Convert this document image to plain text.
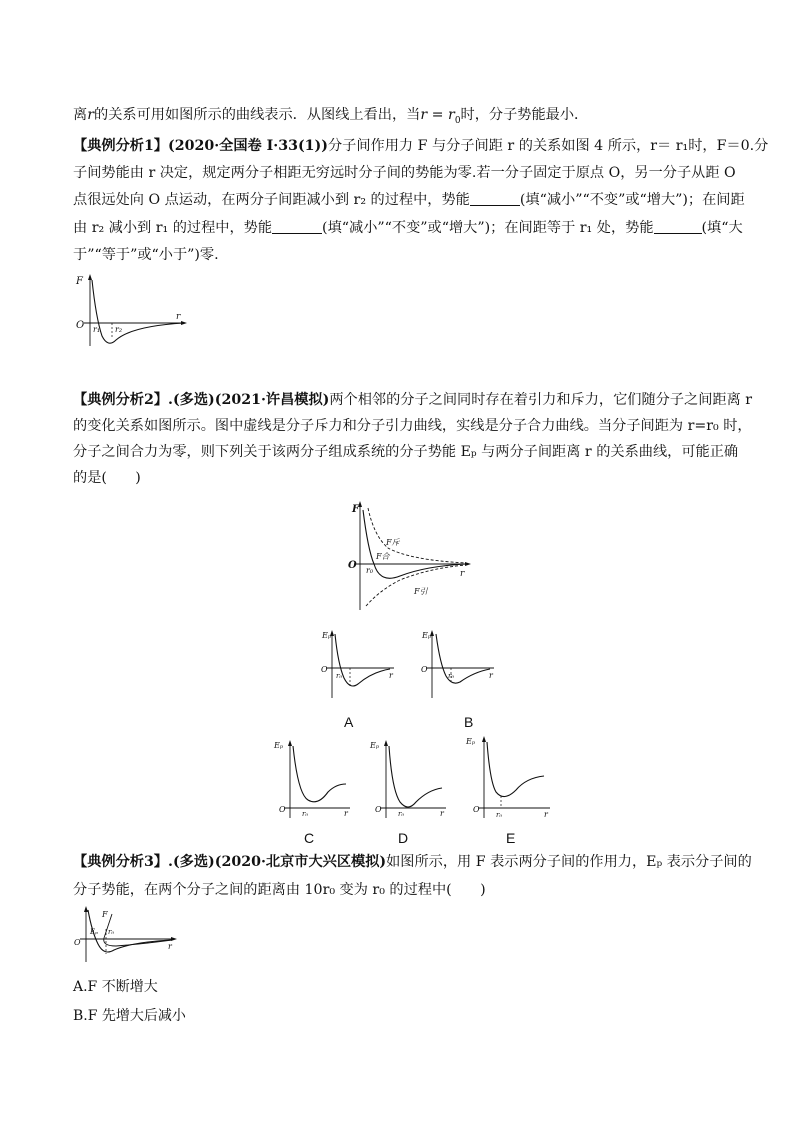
离r的关系可用如图所示的曲线表示．从图线上看出，当$r = r_0$时，分子势能最小．
【典例分析1】(2020·全国卷 Ⅰ·33(1))分子间作用力 F 与分子间距 r 的关系如图 4 所示，r＝ r₁时，F＝0.分
子间势能由 r 决定，规定两分子相距无穷远时分子间的势能为零.若一分子固定于原点 O，另一分子从距 O
点很远处向 O 点运动，在两分子间距减小到 r₂ 的过程中，势能	(填“减小”“不变”或“增大”)；在间距
由 r₂ 减小到 r₁ 的过程中，势能	(填“减小”“不变”或“增大”)；在间距等于 r₁ 处，势能	(填“大
于”“等于”或“小于”)零.
F
O r₁ r₂
r
【典例分析2】.(多选)(2021·许昌模拟)两个相邻的分子之间同时存在着引力和斥力，它们随分子之间距离 r
的变化关系如图所示。图中虚线是分子斥力和分子引力曲线，实线是分子合力曲线。当分子间距为 r=r₀ 时，
分子之间合力为零，则下列关于该两分子组成系统的分子势能 Eₚ 与两分子间距离 r 的关系曲线，可能正确
的是(　　)
F
O r₀	r
F斥
F合
F引
Eₚ
O
r₀	r
A
Eₚ
O
r₀	r
B
Eₚ
O r₀	r
C
Eₚ
O r₀	r
D
Eₚ
O
r₀	r
E
【典例分析3】.(多选)(2020·北京市大兴区模拟)如图所示，用 F 表示两分子间的作用力，Eₚ 表示分子间的
分子势能，在两个分子之间的距离由 10r₀ 变为 r₀ 的过程中(　　)
F
Eₚ r₀
O	r
A.F 不断增大
B.F 先增大后减小
